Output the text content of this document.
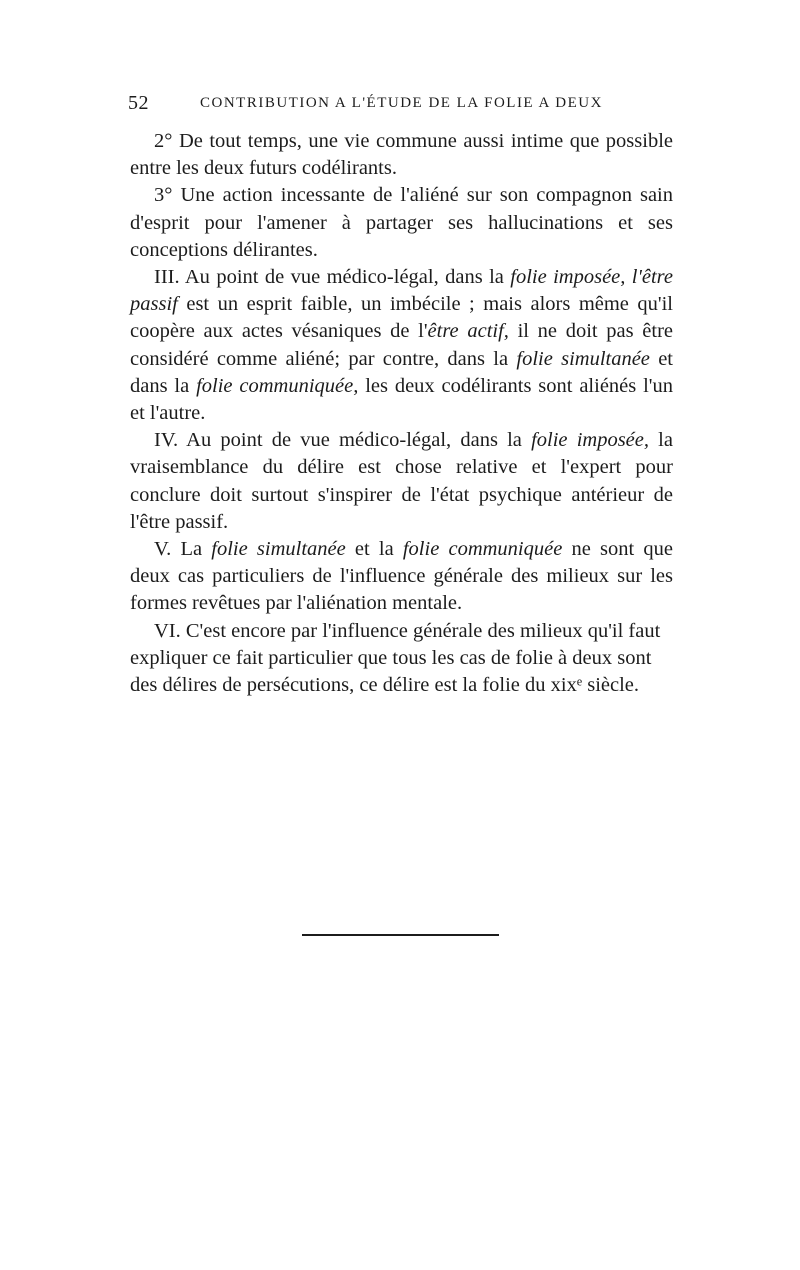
52	CONTRIBUTION A L'ÉTUDE DE LA FOLIE A DEUX

2° De tout temps, une vie commune aussi intime que possible entre les deux futurs codélirants.

3° Une action incessante de l'aliéné sur son compagnon sain d'esprit pour l'amener à partager ses hallucinations et ses conceptions délirantes.

III. Au point de vue médico-légal, dans la folie imposée, l'être passif est un esprit faible, un imbécile ; mais alors même qu'il coopère aux actes vésaniques de l'être actif, il ne doit pas être considéré comme aliéné; par contre, dans la folie simultanée et dans la folie communiquée, les deux codélirants sont aliénés l'un et l'autre.

IV. Au point de vue médico-légal, dans la folie imposée, la vraisemblance du délire est chose relative et l'expert pour conclure doit surtout s'inspirer de l'état psychique antérieur de l'être passif.

V. La folie simultanée et la folie communiquée ne sont que deux cas particuliers de l'influence générale des milieux sur les formes revêtues par l'aliénation mentale.

VI. C'est encore par l'influence générale des milieux qu'il faut expliquer ce fait particulier que tous les cas de folie à deux sont des délires de persécutions, ce délire est la folie du xixᵉ siècle.
